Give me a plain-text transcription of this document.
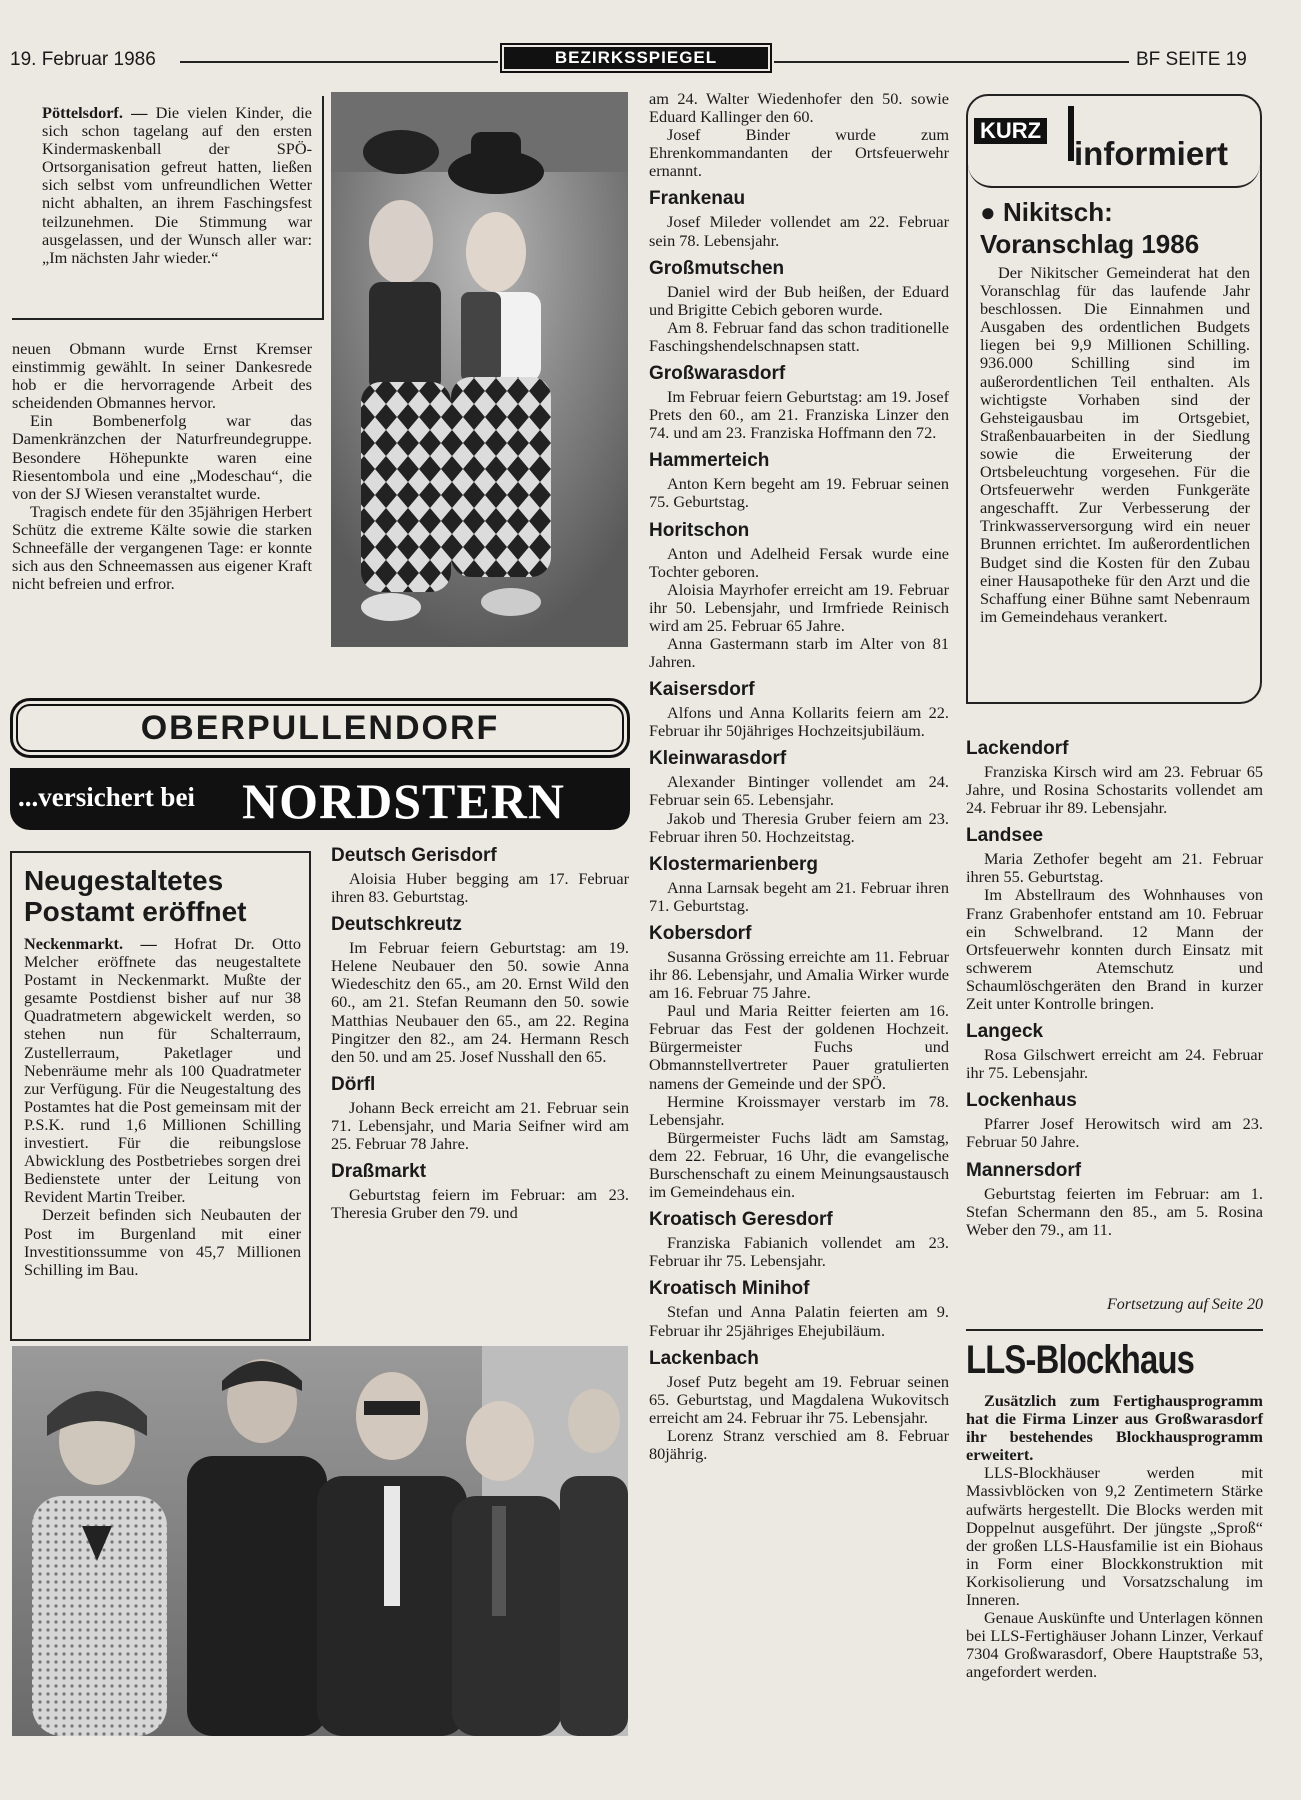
19. Februar 1986	BEZIRKSSPIEGEL	BF SEITE 19

Pöttelsdorf. — Die vielen Kinder, die sich schon tagelang auf den ersten Kindermaskenball der SPÖ-Ortsorganisation gefreut hatten, ließen sich selbst vom unfreundlichen Wetter nicht abhalten, an ihrem Faschingsfest teilzunehmen. Die Stimmung war ausgelassen, und der Wunsch aller war: „Im nächsten Jahr wieder.“

neuen Obmann wurde Ernst Kremser einstimmig gewählt. In seiner Dankesrede hob er die hervorragende Arbeit des scheidenden Obmannes hervor.

Ein Bombenerfolg war das Damenkränzchen der Naturfreundegruppe. Besondere Höhepunkte waren eine Riesentombola und eine „Modeschau“, die von der SJ Wiesen veranstaltet wurde.

Tragisch endete für den 35jährigen Herbert Schütz die extreme Kälte sowie die starken Schneefälle der vergangenen Tage: er konnte sich aus den Schneemassen aus eigener Kraft nicht befreien und erfror.

OBERPULLENDORF
...versichert bei NORDSTERN
Neugestaltetes
Postamt eröffnet

Neckenmarkt. — Hofrat Dr. Otto Melcher eröffnete das neugestaltete Postamt in Neckenmarkt. Mußte der gesamte Postdienst bisher auf nur 38 Quadratmetern abgewickelt werden, so stehen nun für Schalterraum, Zustellerraum, Paketlager und Nebenräume mehr als 100 Quadratmeter zur Verfügung. Für die Neugestaltung des Postamtes hat die Post gemeinsam mit der P.S.K. rund 1,6 Millionen Schilling investiert. Für die reibungslose Abwicklung des Postbetriebes sorgen drei Bedienstete unter der Leitung von Revident Martin Treiber.

Derzeit befinden sich Neubauten der Post im Burgenland mit einer Investitionssumme von 45,7 Millionen Schilling im Bau.

Deutsch Gerisdorf

Aloisia Huber begging am 17. Februar ihren 83. Geburtstag.

Deutschkreutz

Im Februar feiern Geburtstag: am 19. Helene Neubauer den 50. sowie Anna Wiedeschitz den 65., am 20. Ernst Wild den 60., am 21. Stefan Reumann den 50. sowie Matthias Neubauer den 65., am 22. Regina Pingitzer den 82., am 24. Hermann Resch den 50. und am 25. Josef Nusshall den 65.

Dörfl

Johann Beck erreicht am 21. Februar sein 71. Lebensjahr, und Maria Seifner wird am 25. Februar 78 Jahre.

Draßmarkt

Geburtstag feiern im Februar: am 23. Theresia Gruber den 79. und

am 24. Walter Wiedenhofer den 50. sowie Eduard Kallinger den 60.

Josef Binder wurde zum Ehrenkommandanten der Ortsfeuerwehr ernannt.

Frankenau

Josef Mileder vollendet am 22. Februar sein 78. Lebensjahr.

Großmutschen

Daniel wird der Bub heißen, der Eduard und Brigitte Cebich geboren wurde.

Am 8. Februar fand das schon traditionelle Faschingshendelschnapsen statt.

Großwarasdorf

Im Februar feiern Geburtstag: am 19. Josef Prets den 60., am 21. Franziska Linzer den 74. und am 23. Franziska Hoffmann den 72.

Hammerteich

Anton Kern begeht am 19. Februar seinen 75. Geburtstag.

Horitschon

Anton und Adelheid Fersak wurde eine Tochter geboren.

Aloisia Mayrhofer erreicht am 19. Februar ihr 50. Lebensjahr, und Irmfriede Reinisch wird am 25. Februar 65 Jahre.

Anna Gastermann starb im Alter von 81 Jahren.

Kaisersdorf

Alfons und Anna Kollarits feiern am 22. Februar ihr 50jähriges Hochzeitsjubiläum.

Kleinwarasdorf

Alexander Bintinger vollendet am 24. Februar sein 65. Lebensjahr.

Jakob und Theresia Gruber feiern am 23. Februar ihren 50. Hochzeitstag.

Klostermarienberg

Anna Larnsak begeht am 21. Februar ihren 71. Geburtstag.

Kobersdorf

Susanna Grössing erreichte am 11. Februar ihr 86. Lebensjahr, und Amalia Wirker wurde am 16. Februar 75 Jahre.

Paul und Maria Reitter feierten am 16. Februar das Fest der goldenen Hochzeit. Bürgermeister Fuchs und Obmannstellvertreter Pauer gratulierten namens der Gemeinde und der SPÖ.

Hermine Kroissmayer verstarb im 78. Lebensjahr.

Bürgermeister Fuchs lädt am Samstag, dem 22. Februar, 16 Uhr, die evangelische Burschenschaft zu einem Meinungsaustausch im Gemeindehaus ein.

Kroatisch Geresdorf

Franziska Fabianich vollendet am 23. Februar ihr 75. Lebensjahr.

Kroatisch Minihof

Stefan und Anna Palatin feierten am 9. Februar ihr 25jähriges Ehejubiläum.

Lackenbach

Josef Putz begeht am 19. Februar seinen 65. Geburtstag, und Magdalena Wukovitsch erreicht am 24. Februar ihr 75. Lebensjahr.

Lorenz Stranz verschied am 8. Februar 80jährig.

KURZ
informiert
● Nikitsch:
Voranschlag 1986

Der Nikitscher Gemeinderat hat den Voranschlag für das laufende Jahr beschlossen. Die Einnahmen und Ausgaben des ordentlichen Budgets liegen bei 9,9 Millionen Schilling. 936.000 Schilling sind im außerordentlichen Teil enthalten. Als wichtigste Vorhaben sind der Gehsteigausbau im Ortsgebiet, Straßenbauarbeiten in der Siedlung sowie die Erweiterung der Ortsbeleuchtung vorgesehen. Für die Ortsfeuerwehr werden Funkgeräte angeschafft. Zur Verbesserung der Trinkwasserversorgung wird ein neuer Brunnen errichtet. Im außerordentlichen Budget sind die Kosten für den Zubau einer Hausapotheke für den Arzt und die Schaffung einer Bühne samt Nebenraum im Gemeindehaus verankert.

Lackendorf

Franziska Kirsch wird am 23. Februar 65 Jahre, und Rosina Schostarits vollendet am 24. Februar ihr 89. Lebensjahr.

Landsee

Maria Zethofer begeht am 21. Februar ihren 55. Geburtstag.

Im Abstellraum des Wohnhauses von Franz Grabenhofer entstand am 10. Februar ein Schwelbrand. 12 Mann der Ortsfeuerwehr konnten durch Einsatz mit schwerem Atemschutz und Schaumlöschgeräten den Brand in kurzer Zeit unter Kontrolle bringen.

Langeck

Rosa Gilschwert erreicht am 24. Februar ihr 75. Lebensjahr.

Lockenhaus

Pfarrer Josef Herowitsch wird am 23. Februar 50 Jahre.

Mannersdorf

Geburtstag feierten im Februar: am 1. Stefan Schermann den 85., am 5. Rosina Weber den 79., am 11.

Fortsetzung auf Seite 20
LLS-Blockhaus

Zusätzlich zum Fertighausprogramm hat die Firma Linzer aus Großwarasdorf ihr bestehendes Blockhausprogramm erweitert.

LLS-Blockhäuser werden mit Massivblöcken von 9,2 Zentimetern Stärke aufwärts hergestellt. Die Blocks werden mit Doppelnut ausgeführt. Der jüngste „Sproß“ der großen LLS-Hausfamilie ist ein Biohaus in Form einer Blockkonstruktion mit Korkisolierung und Vorsatzschalung im Inneren.

Genaue Auskünfte und Unterlagen können bei LLS-Fertighäuser Johann Linzer, Verkauf 7304 Großwarasdorf, Obere Hauptstraße 53, angefordert werden.
